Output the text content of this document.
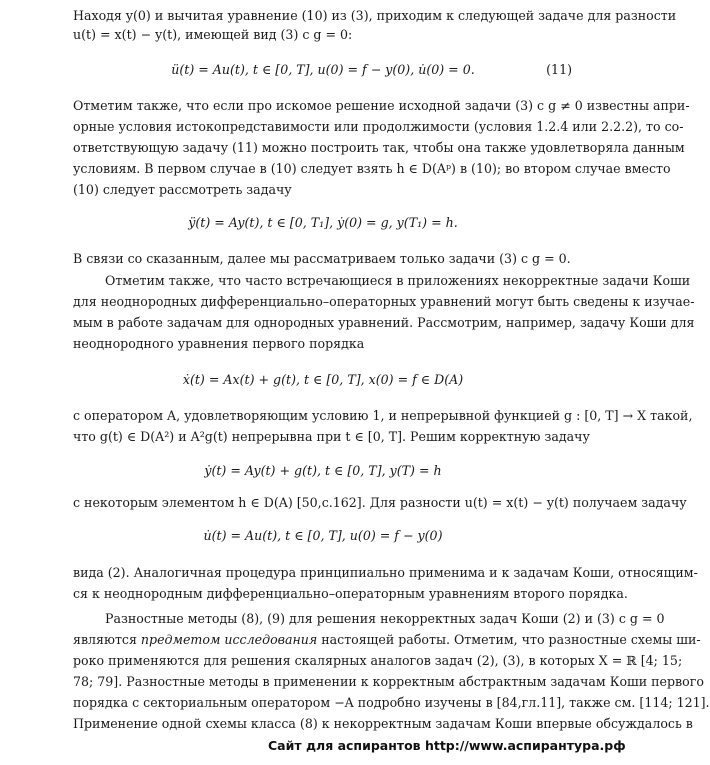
Находя y(0) и вычитая уравнение (10) из (3), приходим к следующей задаче для разности
u(t) = x(t) − y(t), имеющей вид (3) с g = 0:
ü(t) = Au(t), t ∈ [0, T], u(0) = f − y(0), u̇(0) = 0.	(11)
Отметим также, что если про искомое решение исходной задачи (3) с g ≠ 0 известны апри-
орные условия истокопредставимости или продолжимости (условия 1.2.4 или 2.2.2), то со-
ответствующую задачу (11) можно построить так, чтобы она также удовлетворяла данным
условиям. В первом случае в (10) следует взять h ∈ D(Aᵖ) в (10); во втором случае вместо
(10) следует рассмотреть задачу
ÿ(t) = Ay(t), t ∈ [0, T₁], ẏ(0) = g, y(T₁) = h.
В связи со сказанным, далее мы рассматриваем только задачи (3) с g = 0.
Отметим также, что часто встречающиеся в приложениях некорректные задачи Коши
для неоднородных дифференциально–операторных уравнений могут быть сведены к изучае-
мым в работе задачам для однородных уравнений. Рассмотрим, например, задачу Коши для
неоднородного уравнения первого порядка
ẋ(t) = Ax(t) + g(t), t ∈ [0, T], x(0) = f ∈ D(A)
с оператором A, удовлетворяющим условию 1, и непрерывной функцией g : [0, T] → X такой,
что g(t) ∈ D(A²) и A²g(t) непрерывна при t ∈ [0, T]. Решим корректную задачу
ẏ(t) = Ay(t) + g(t), t ∈ [0, T], y(T) = h
с некоторым элементом h ∈ D(A) [50,c.162]. Для разности u(t) = x(t) − y(t) получаем задачу
u̇(t) = Au(t), t ∈ [0, T], u(0) = f − y(0)
вида (2). Аналогичная процедура принципиально применима и к задачам Коши, относящим-
ся к неоднородным дифференциально–операторным уравнениям второго порядка.
Разностные методы (8), (9) для решения некорректных задач Коши (2) и (3) с g = 0
являются предметом исследования настоящей работы. Отметим, что разностные схемы ши-
роко применяются для решения скалярных аналогов задач (2), (3), в которых X = ℝ [4; 15;
78; 79]. Разностные методы в применении к корректным абстрактным задачам Коши первого
порядка с секториальным оператором −A подробно изучены в [84,гл.11], также см. [114; 121].
Применение одной схемы класса (8) к некорректным задачам Коши впервые обсуждалось в
Сайт для аспирантов http://www.аспирантура.рф
